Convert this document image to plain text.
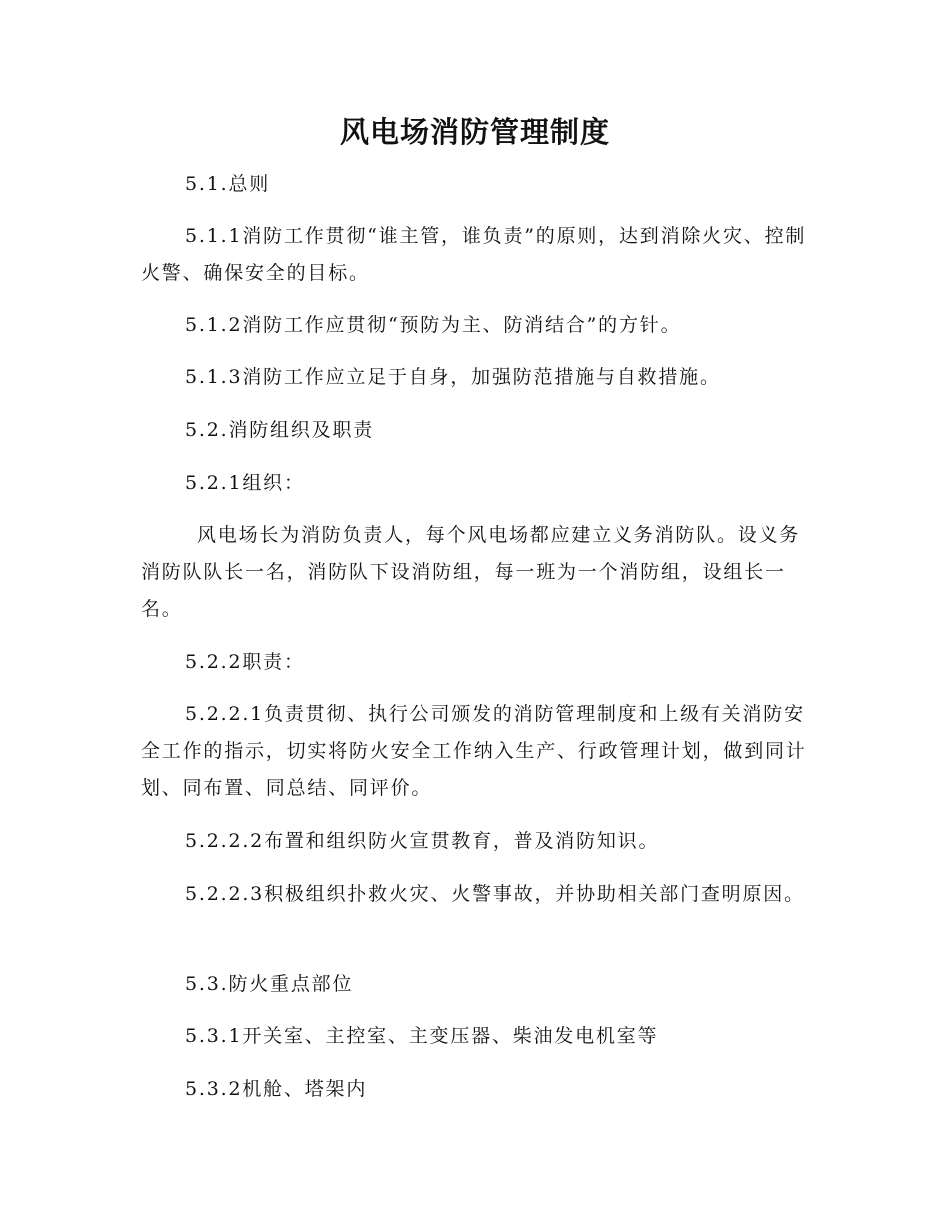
风电场消防管理制度

5.1.总则

5.1.1消防工作贯彻“谁主管，谁负责”的原则，达到消除火灾、控制火警、确保安全的目标。

5.1.2消防工作应贯彻“预防为主、防消结合”的方针。

5.1.3消防工作应立足于自身，加强防范措施与自救措施。

5.2.消防组织及职责

5.2.1组织：

风电场长为消防负责人，每个风电场都应建立义务消防队。设义务消防队队长一名，消防队下设消防组，每一班为一个消防组，设组长一名。

5.2.2职责：

5.2.2.1负责贯彻、执行公司颁发的消防管理制度和上级有关消防安全工作的指示，切实将防火安全工作纳入生产、行政管理计划，做到同计划、同布置、同总结、同评价。

5.2.2.2布置和组织防火宣贯教育，普及消防知识。

5.2.2.3积极组织扑救火灾、火警事故，并协助相关部门查明原因。

5.3.防火重点部位

5.3.1开关室、主控室、主变压器、柴油发电机室等

5.3.2机舱、塔架内
